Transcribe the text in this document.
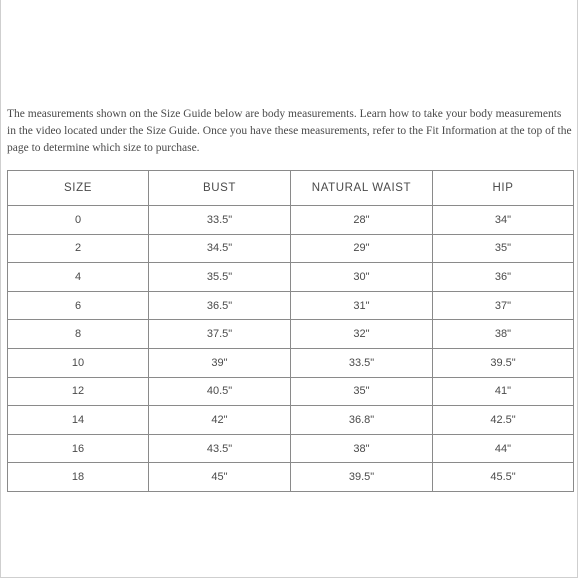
The measurements shown on the Size Guide below are body measurements. Learn how to take your body measurements in the video located under the Size Guide. Once you have these measurements, refer to the Fit Information at the top of the page to determine which size to purchase.

SIZE	BUST	NATURAL WAIST	HIP
0	33.5"	28"	34"
2	34.5"	29"	35"
4	35.5"	30"	36"
6	36.5"	31"	37"
8	37.5"	32"	38"
10	39"	33.5"	39.5"
12	40.5"	35"	41"
14	42"	36.8"	42.5"
16	43.5"	38"	44"
18	45"	39.5"	45.5"
